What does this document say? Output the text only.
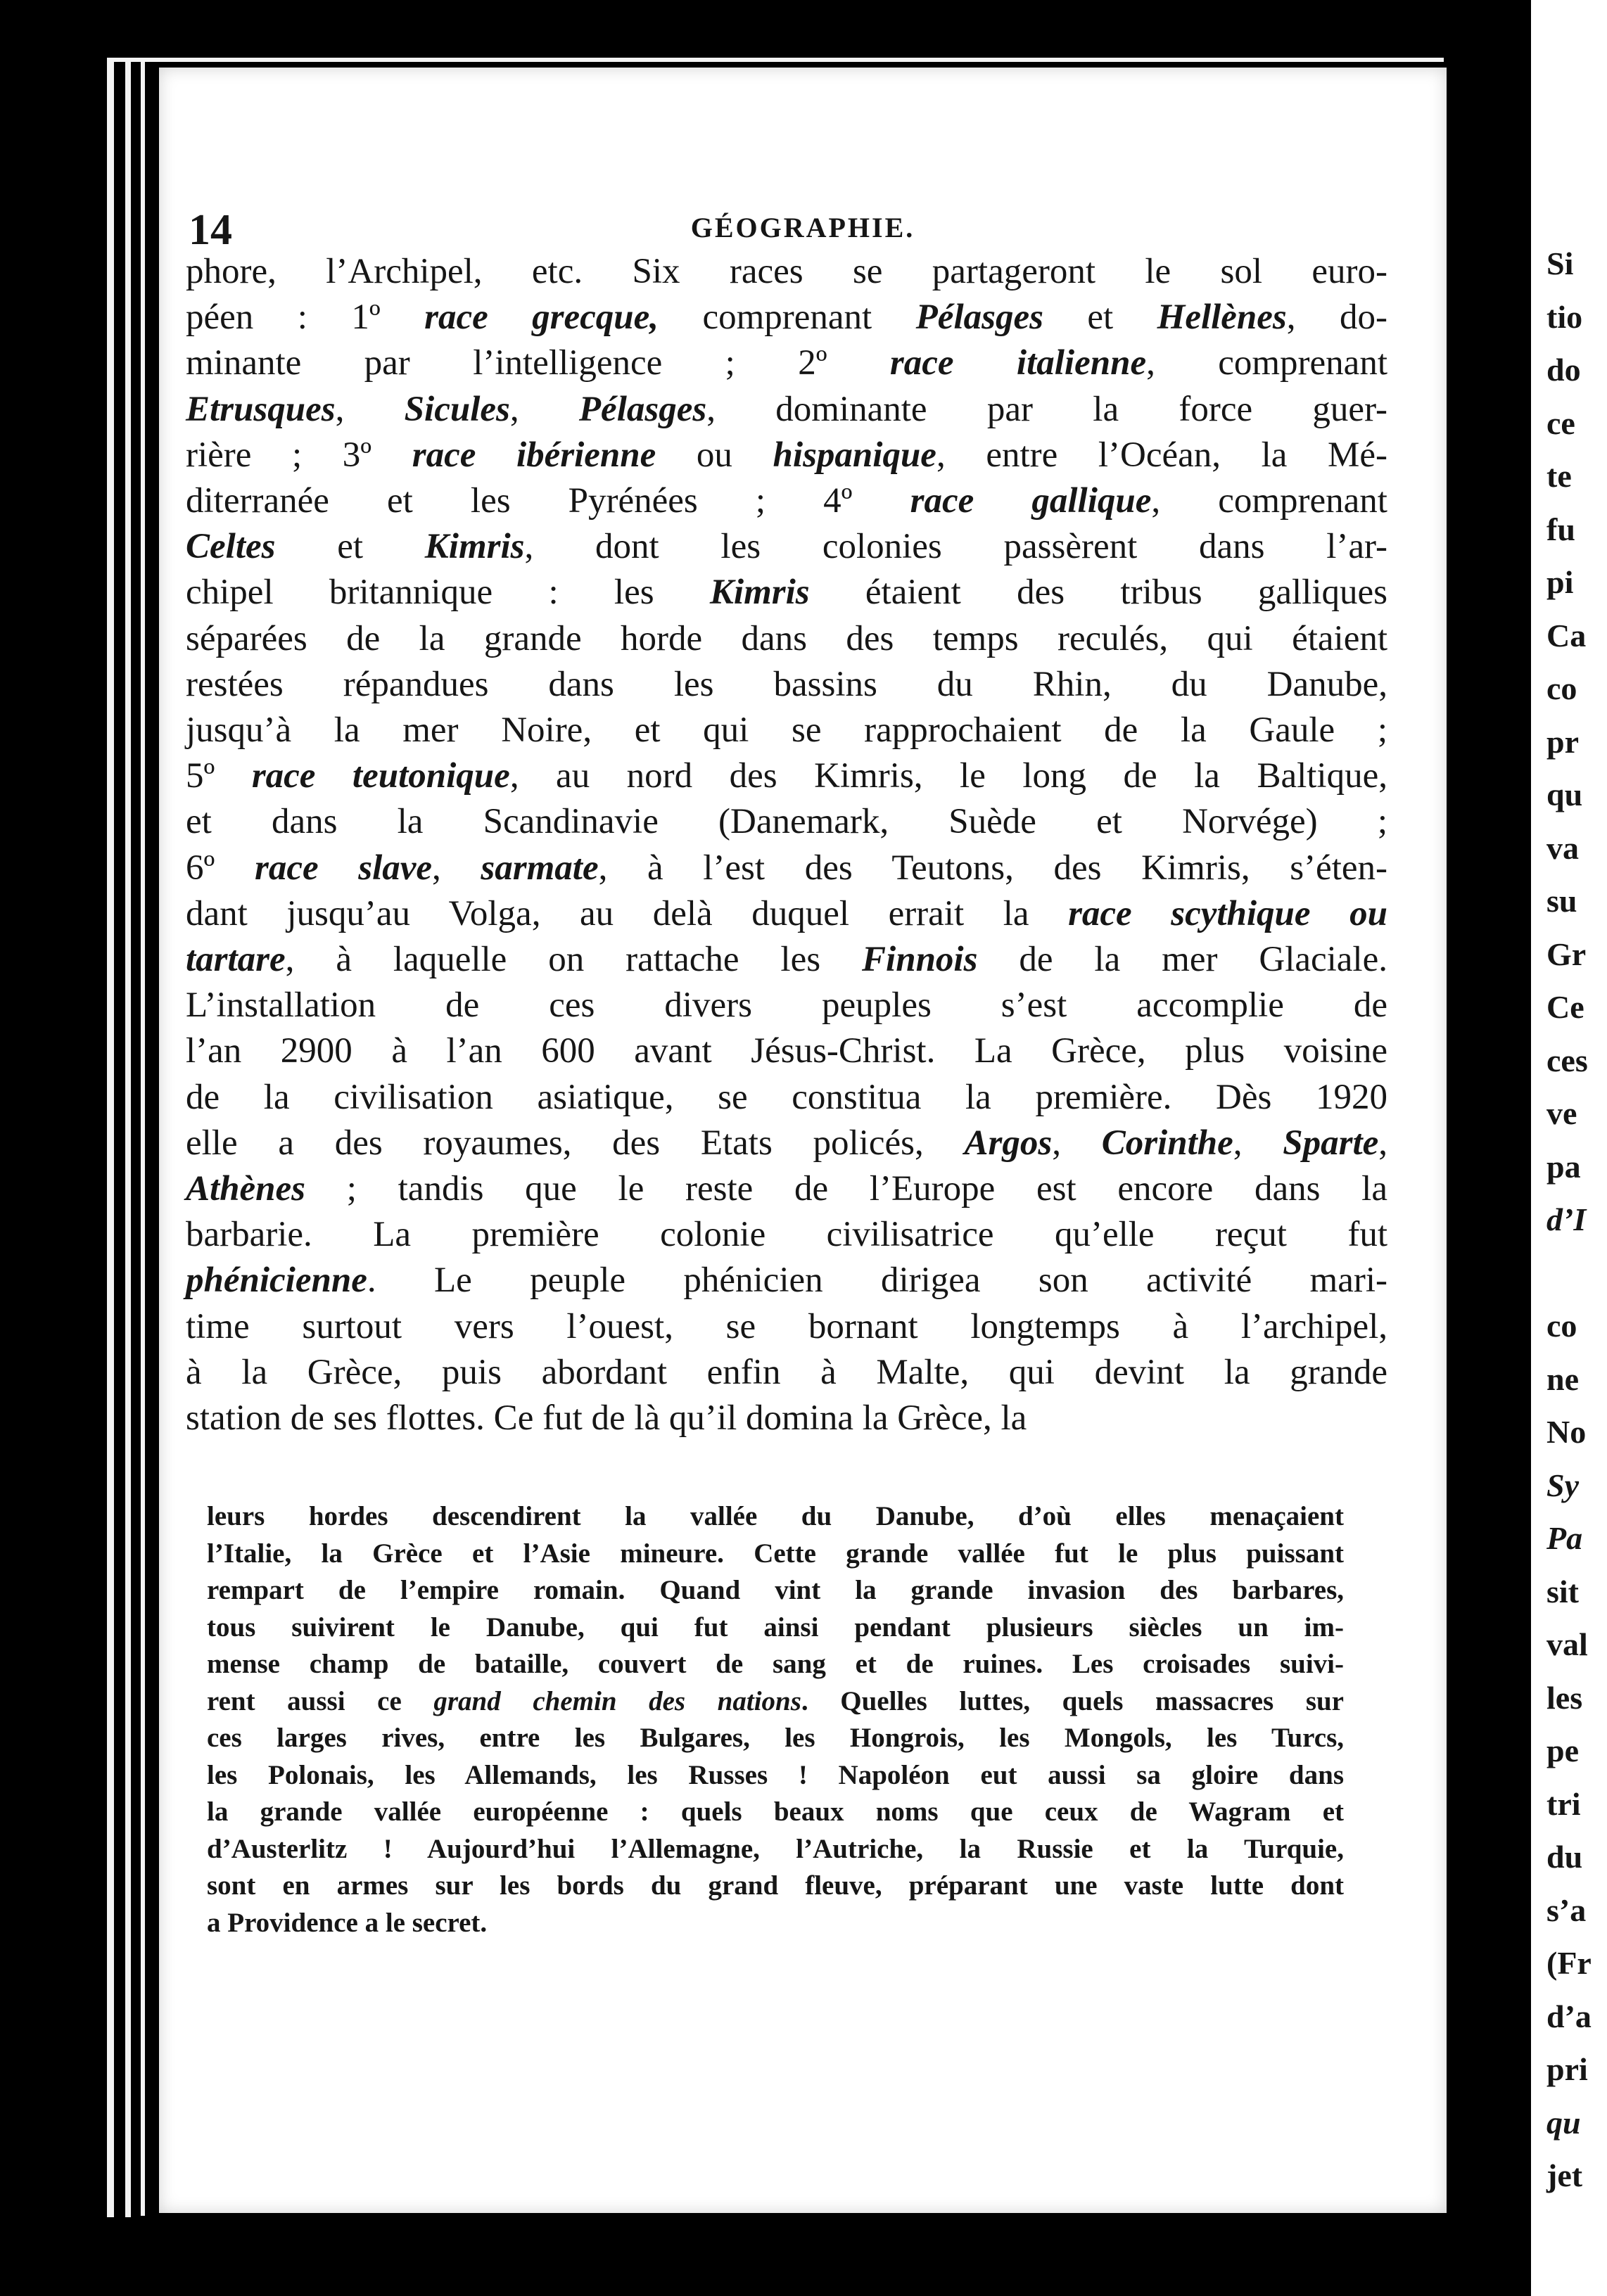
14	GÉOGRAPHIE.
phore, l’Archipel, etc. Six races se partageront le sol euro-
péen : 1º race grecque, comprenant Pélasges et Hellènes, do-
minante par l’intelligence ; 2º race italienne, comprenant
Etrusques, Sicules, Pélasges, dominante par la force guer-
rière ; 3º race ibérienne ou hispanique, entre l’Océan, la Mé-
diterranée et les Pyrénées ; 4º race gallique, comprenant
Celtes et Kimris, dont les colonies passèrent dans l’ar-
chipel britannique : les Kimris étaient des tribus galliques
séparées de la grande horde dans des temps reculés, qui étaient
restées répandues dans les bassins du Rhin, du Danube,
jusqu’à la mer Noire, et qui se rapprochaient de la Gaule ;
5º race teutonique, au nord des Kimris, le long de la Baltique,
et dans la Scandinavie (Danemark, Suède et Norvége) ;
6º race slave, sarmate, à l’est des Teutons, des Kimris, s’éten-
dant jusqu’au Volga, au delà duquel errait la race scythique ou
tartare, à laquelle on rattache les Finnois de la mer Glaciale.
L’installation de ces divers peuples s’est accomplie de
l’an 2900 à l’an 600 avant Jésus-Christ. La Grèce, plus voisine
de la civilisation asiatique, se constitua la première. Dès 1920
elle a des royaumes, des Etats policés, Argos, Corinthe, Sparte,
Athènes ; tandis que le reste de l’Europe est encore dans la
barbarie. La première colonie civilisatrice qu’elle reçut fut
phénicienne. Le peuple phénicien dirigea son activité mari-
time surtout vers l’ouest, se bornant longtemps à l’archipel,
à la Grèce, puis abordant enfin à Malte, qui devint la grande
station de ses flottes. Ce fut de là qu’il domina la Grèce, la
leurs hordes descendirent la vallée du Danube, d’où elles menaçaient
l’Italie, la Grèce et l’Asie mineure. Cette grande vallée fut le plus puissant
rempart de l’empire romain. Quand vint la grande invasion des barbares,
tous suivirent le Danube, qui fut ainsi pendant plusieurs siècles un im-
mense champ de bataille, couvert de sang et de ruines. Les croisades suivi-
rent aussi ce grand chemin des nations. Quelles luttes, quels massacres sur
ces larges rives, entre les Bulgares, les Hongrois, les Mongols, les Turcs,
les Polonais, les Allemands, les Russes ! Napoléon eut aussi sa gloire dans
la grande vallée européenne : quels beaux noms que ceux de Wagram et
d’Austerlitz ! Aujourd’hui l’Allemagne, l’Autriche, la Russie et la Turquie,
sont en armes sur les bords du grand fleuve, préparant une vaste lutte dont
a Providence a le secret.
Si
tio
do
ce
te
fu
pi
Ca
co
pr
qu
va
su
Gr
Ce
ces
ve
pa
d’I
co
ne
No
Sy
Pa
sit
val
les
pe
tri
du
s’a
(Fr
d’a
pri
qu
jet
